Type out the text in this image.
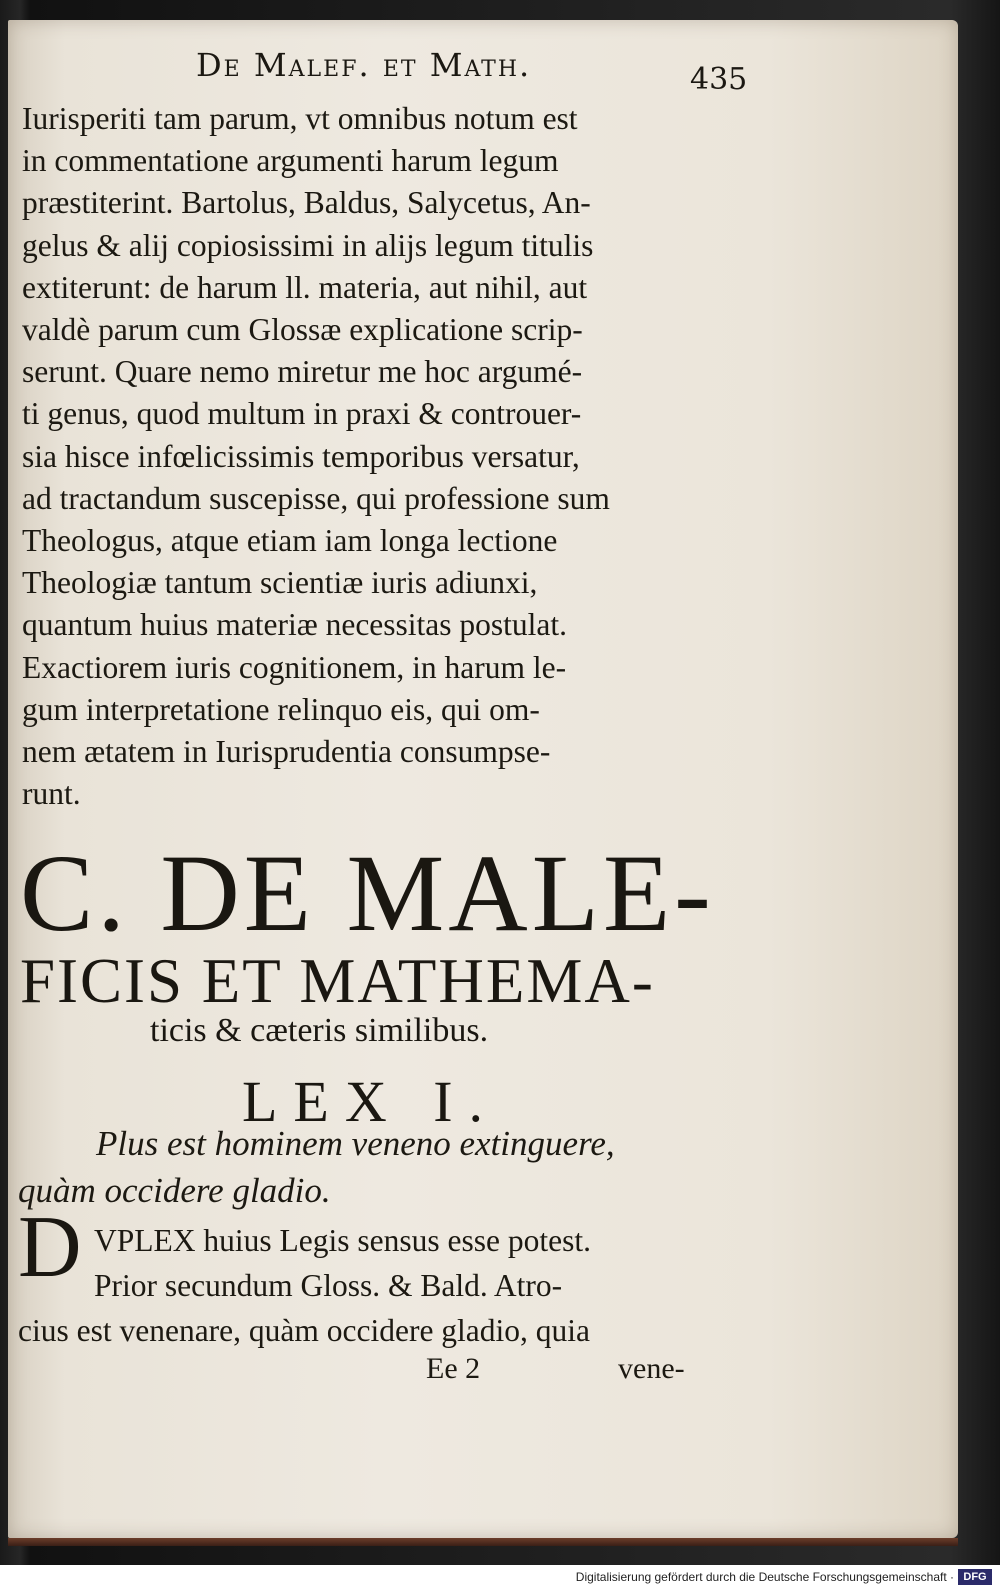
De Malef. et Math.	435
Iurisperiti tam parum, vt omnibus notum est
in commentatione argumenti harum legum
præstiterint. Bartolus, Baldus, Salycetus, An-
gelus & alij copiosissimi in alijs legum titulis
extiterunt: de harum ll. materia, aut nihil, aut
valdè parum cum Glossæ explicatione scrip-
serunt. Quare nemo miretur me hoc argumé-
ti genus, quod multum in praxi & controuer-
sia hisce infœlicissimis temporibus versatur,
ad tractandum suscepisse, qui professione sum
Theologus, atque etiam iam longa lectione
Theologiæ tantum scientiæ iuris adiunxi,
quantum huius materiæ necessitas postulat.
Exactiorem iuris cognitionem, in harum le-
gum interpretatione relinquo eis, qui om-
nem ætatem in Iurisprudentia consumpse-
runt.
C. DE MALE-
FICIS ET MATHEMA-
ticis & cæteris similibus.
LEX I.
Plus est hominem veneno extinguere,
quàm occidere gladio.
D VPLEX huius Legis sensus esse potest.
Prior secundum Gloss. & Bald. Atro-
cius est venenare, quàm occidere gladio, quia
Ee 2	vene-
Digitalisierung gefördert durch die Deutsche Forschungsgemeinschaft · DFG
